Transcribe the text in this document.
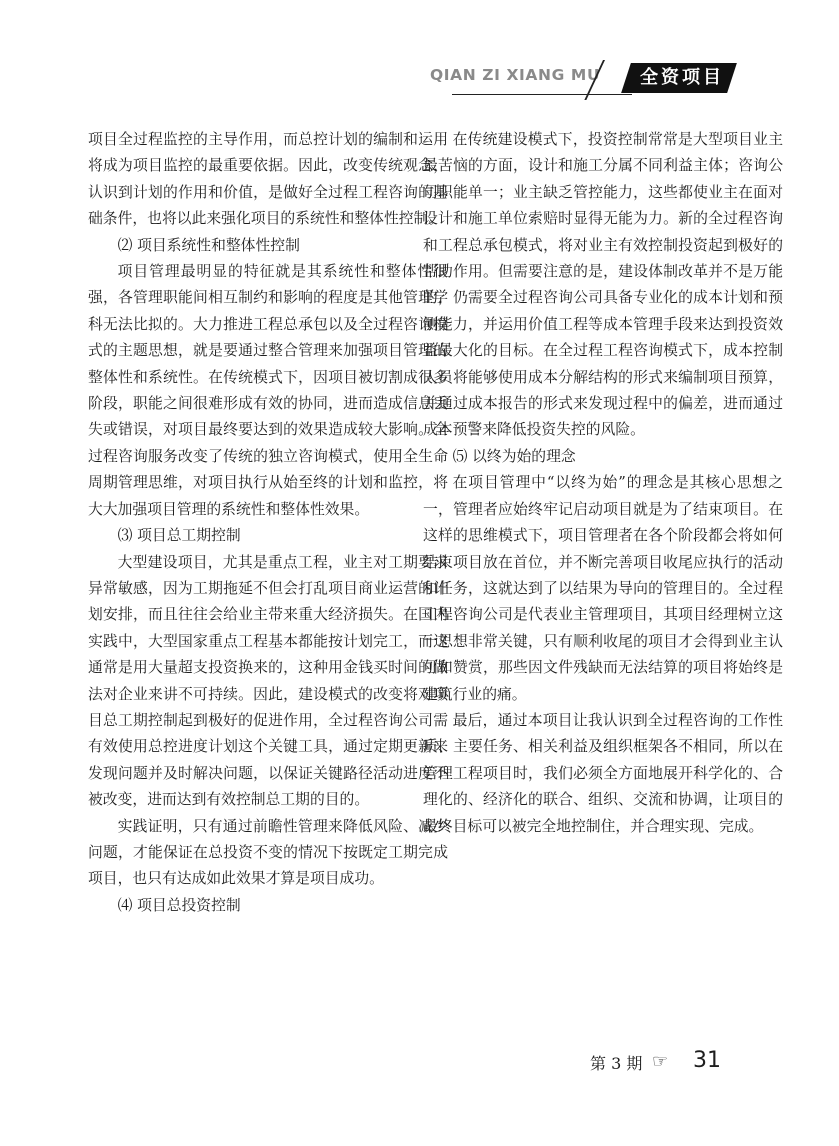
QIAN ZI XIANG MU	全资项目

项目全过程监控的主导作用，而总控计划的编制和运用将成为项目监控的最重要依据。因此，改变传统观念，认识到计划的作用和价值，是做好全过程工程咨询的基础条件，也将以此来强化项目的系统性和整体性控制。

⑵ 项目系统性和整体性控制

项目管理最明显的特征就是其系统性和整体性很强，各管理职能间相互制约和影响的程度是其他管理学科无法比拟的。大力推进工程总承包以及全过程咨询模式的主题思想，就是要通过整合管理来加强项目管理的整体性和系统性。在传统模式下，因项目被切割成很多阶段，职能之间很难形成有效的协同，进而造成信息丢失或错误，对项目最终要达到的效果造成较大影响。全过程咨询服务改变了传统的独立咨询模式，使用全生命周期管理思维，对项目执行从始至终的计划和监控，将大大加强项目管理的系统性和整体性效果。

⑶ 项目总工期控制

大型建设项目，尤其是重点工程，业主对工期要求异常敏感，因为工期拖延不但会打乱项目商业运营的计划安排，而且往往会给业主带来重大经济损失。在国内实践中，大型国家重点工程基本都能按计划完工，而这通常是用大量超支投资换来的，这种用金钱买时间的做法对企业来讲不可持续。因此，建设模式的改变将对项目总工期控制起到极好的促进作用，全过程咨询公司需有效使用总控进度计划这个关键工具，通过定期更新来发现问题并及时解决问题，以保证关键路径活动进度不被改变，进而达到有效控制总工期的目的。

实践证明，只有通过前瞻性管理来降低风险、减少问题，才能保证在总投资不变的情况下按既定工期完成项目，也只有达成如此效果才算是项目成功。

⑷ 项目总投资控制

在传统建设模式下，投资控制常常是大型项目业主最苦恼的方面，设计和施工分属不同利益主体；咨询公司职能单一；业主缺乏管控能力，这些都使业主在面对设计和施工单位索赔时显得无能为力。新的全过程咨询和工程总承包模式，将对业主有效控制投资起到极好的帮助作用。但需要注意的是，建设体制改革并不是万能的，仍需要全过程咨询公司具备专业化的成本计划和预测能力，并运用价值工程等成本管理手段来达到投资效益最大化的目标。在全过程工程咨询模式下，成本控制人员将能够使用成本分解结构的形式来编制项目预算，并通过成本报告的形式来发现过程中的偏差，进而通过成本预警来降低投资失控的风险。

⑸ 以终为始的理念

在项目管理中“以终为始”的理念是其核心思想之一，管理者应始终牢记启动项目就是为了结束项目。在这样的思维模式下，项目管理者在各个阶段都会将如何结束项目放在首位，并不断完善项目收尾应执行的活动和任务，这就达到了以结果为导向的管理目的。全过程工程咨询公司是代表业主管理项目，其项目经理树立这一思想非常关键，只有顺利收尾的项目才会得到业主认可和赞赏，那些因文件残缺而无法结算的项目将始终是建筑行业的痛。

最后，通过本项目让我认识到全过程咨询的工作性质、主要任务、相关利益及组织框架各不相同，所以在管理工程项目时，我们必须全方面地展开科学化的、合理化的、经济化的联合、组织、交流和协调，让项目的最终目标可以被完全地控制住，并合理实现、完成。

第 3 期 ☞	31
